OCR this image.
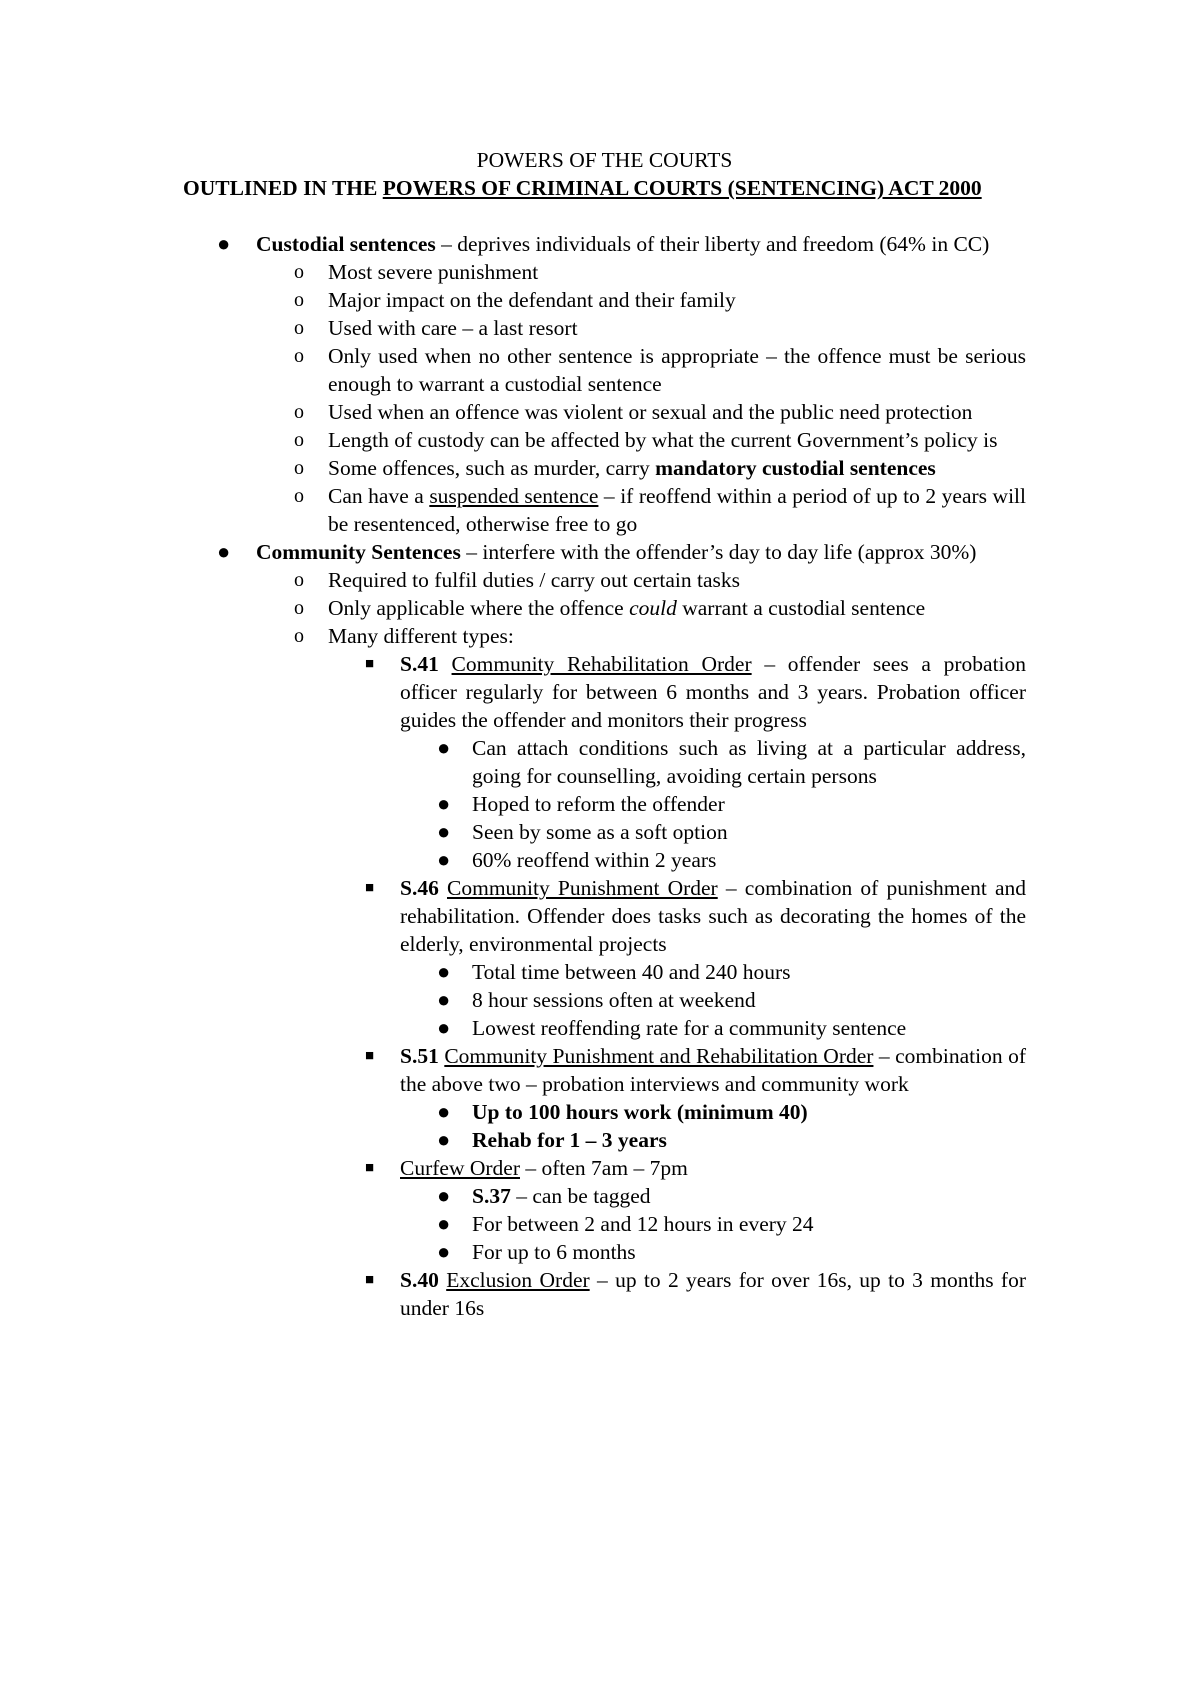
POWERS OF THE COURTS

OUTLINED IN THE POWERS OF CRIMINAL COURTS (SENTENCING) ACT 2000

● Custodial sentences – deprives individuals of their liberty and freedom (64% in CC)
o Most severe punishment
o Major impact on the defendant and their family
o Used with care – a last resort
o Only used when no other sentence is appropriate – the offence must be serious enough to warrant a custodial sentence
o Used when an offence was violent or sexual and the public need protection
o Length of custody can be affected by what the current Government’s policy is
o Some offences, such as murder, carry mandatory custodial sentences
o Can have a suspended sentence – if reoffend within a period of up to 2 years will be resentenced, otherwise free to go
● Community Sentences – interfere with the offender’s day to day life (approx 30%)
o Required to fulfil duties / carry out certain tasks
o Only applicable where the offence could warrant a custodial sentence
o Many different types:
■ S.41 Community Rehabilitation Order – offender sees a probation officer regularly for between 6 months and 3 years. Probation officer guides the offender and monitors their progress
● Can attach conditions such as living at a particular address, going for counselling, avoiding certain persons
● Hoped to reform the offender
● Seen by some as a soft option
● 60% reoffend within 2 years
■ S.46 Community Punishment Order – combination of punishment and rehabilitation. Offender does tasks such as decorating the homes of the elderly, environmental projects
● Total time between 40 and 240 hours
● 8 hour sessions often at weekend
● Lowest reoffending rate for a community sentence
■ S.51 Community Punishment and Rehabilitation Order – combination of the above two – probation interviews and community work
● Up to 100 hours work (minimum 40)
● Rehab for 1 – 3 years
■ Curfew Order – often 7am – 7pm
● S.37 – can be tagged
● For between 2 and 12 hours in every 24
● For up to 6 months
■ S.40 Exclusion Order – up to 2 years for over 16s, up to 3 months for under 16s
